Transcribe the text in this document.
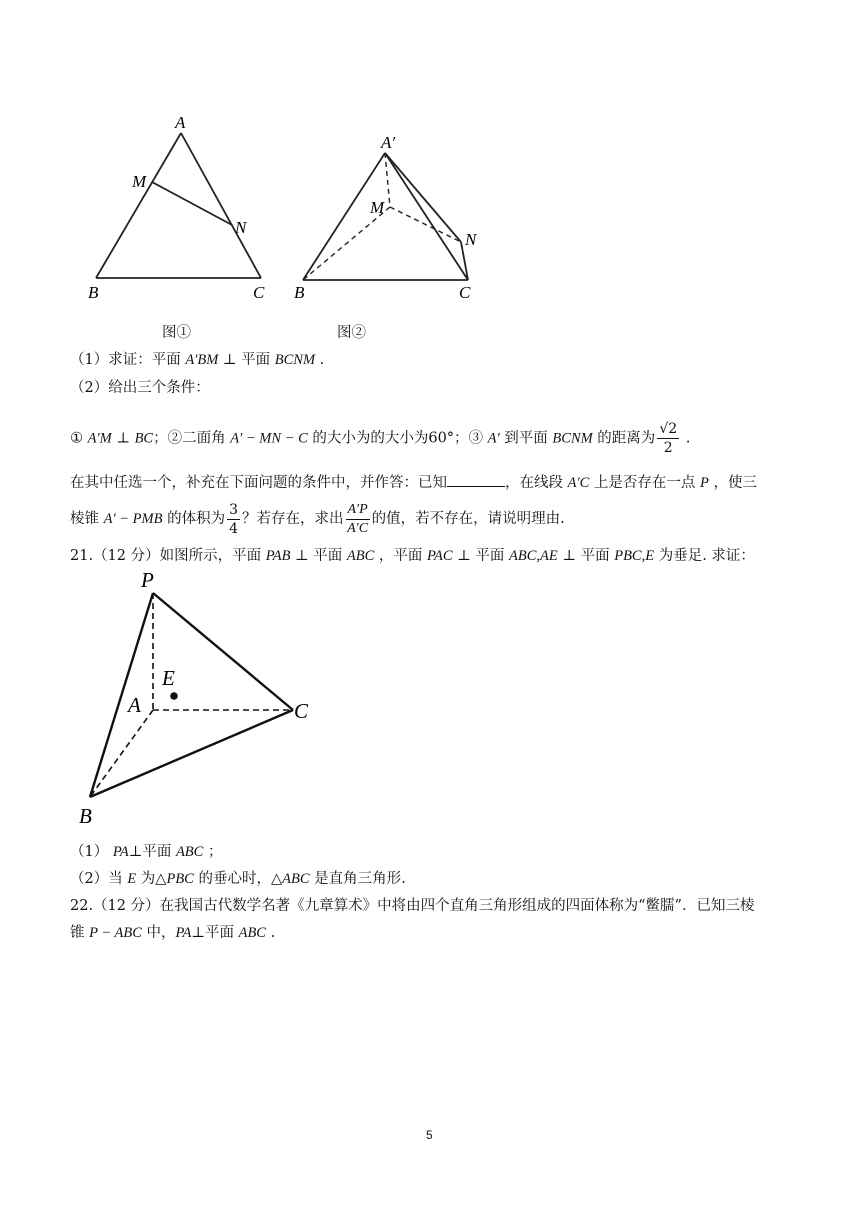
A
M
N
B	C
图①
A′
M
N
B	C
图②
（1）求证：平面 A′BM ⊥ 平面 BCNM .
（2）给出三个条件：
① A′M ⊥ BC；②二面角 A′ − MN − C 的大小为的大小为60°；③ A′ 到平面 BCNM 的距离为 $\frac{√2}{2}$ .
在其中任选一个，补充在下面问题的条件中，并作答：已知	，在线段 A′C 上是否存在一点 P ，使三
棱锥 A′ − PMB 的体积为 $\frac{3}{4}$ ？若存在，求出 $\frac{A'P}{A'C}$ 的值，若不存在，请说明理由.
21.（12 分）如图所示，平面 PAB ⊥ 平面 ABC ，平面 PAC ⊥ 平面 ABC,AE ⊥ 平面 PBC,E 为垂足. 求证：
P
E
A	C
B
（1） PA⊥平面 ABC ；
（2）当 E 为△PBC 的垂心时，△ABC 是直角三角形.
22.（12 分）在我国古代数学名著《九章算术》中将由四个直角三角形组成的四面体称为“鳖臑”．已知三棱
锥 P − ABC 中，PA⊥平面 ABC .
5
